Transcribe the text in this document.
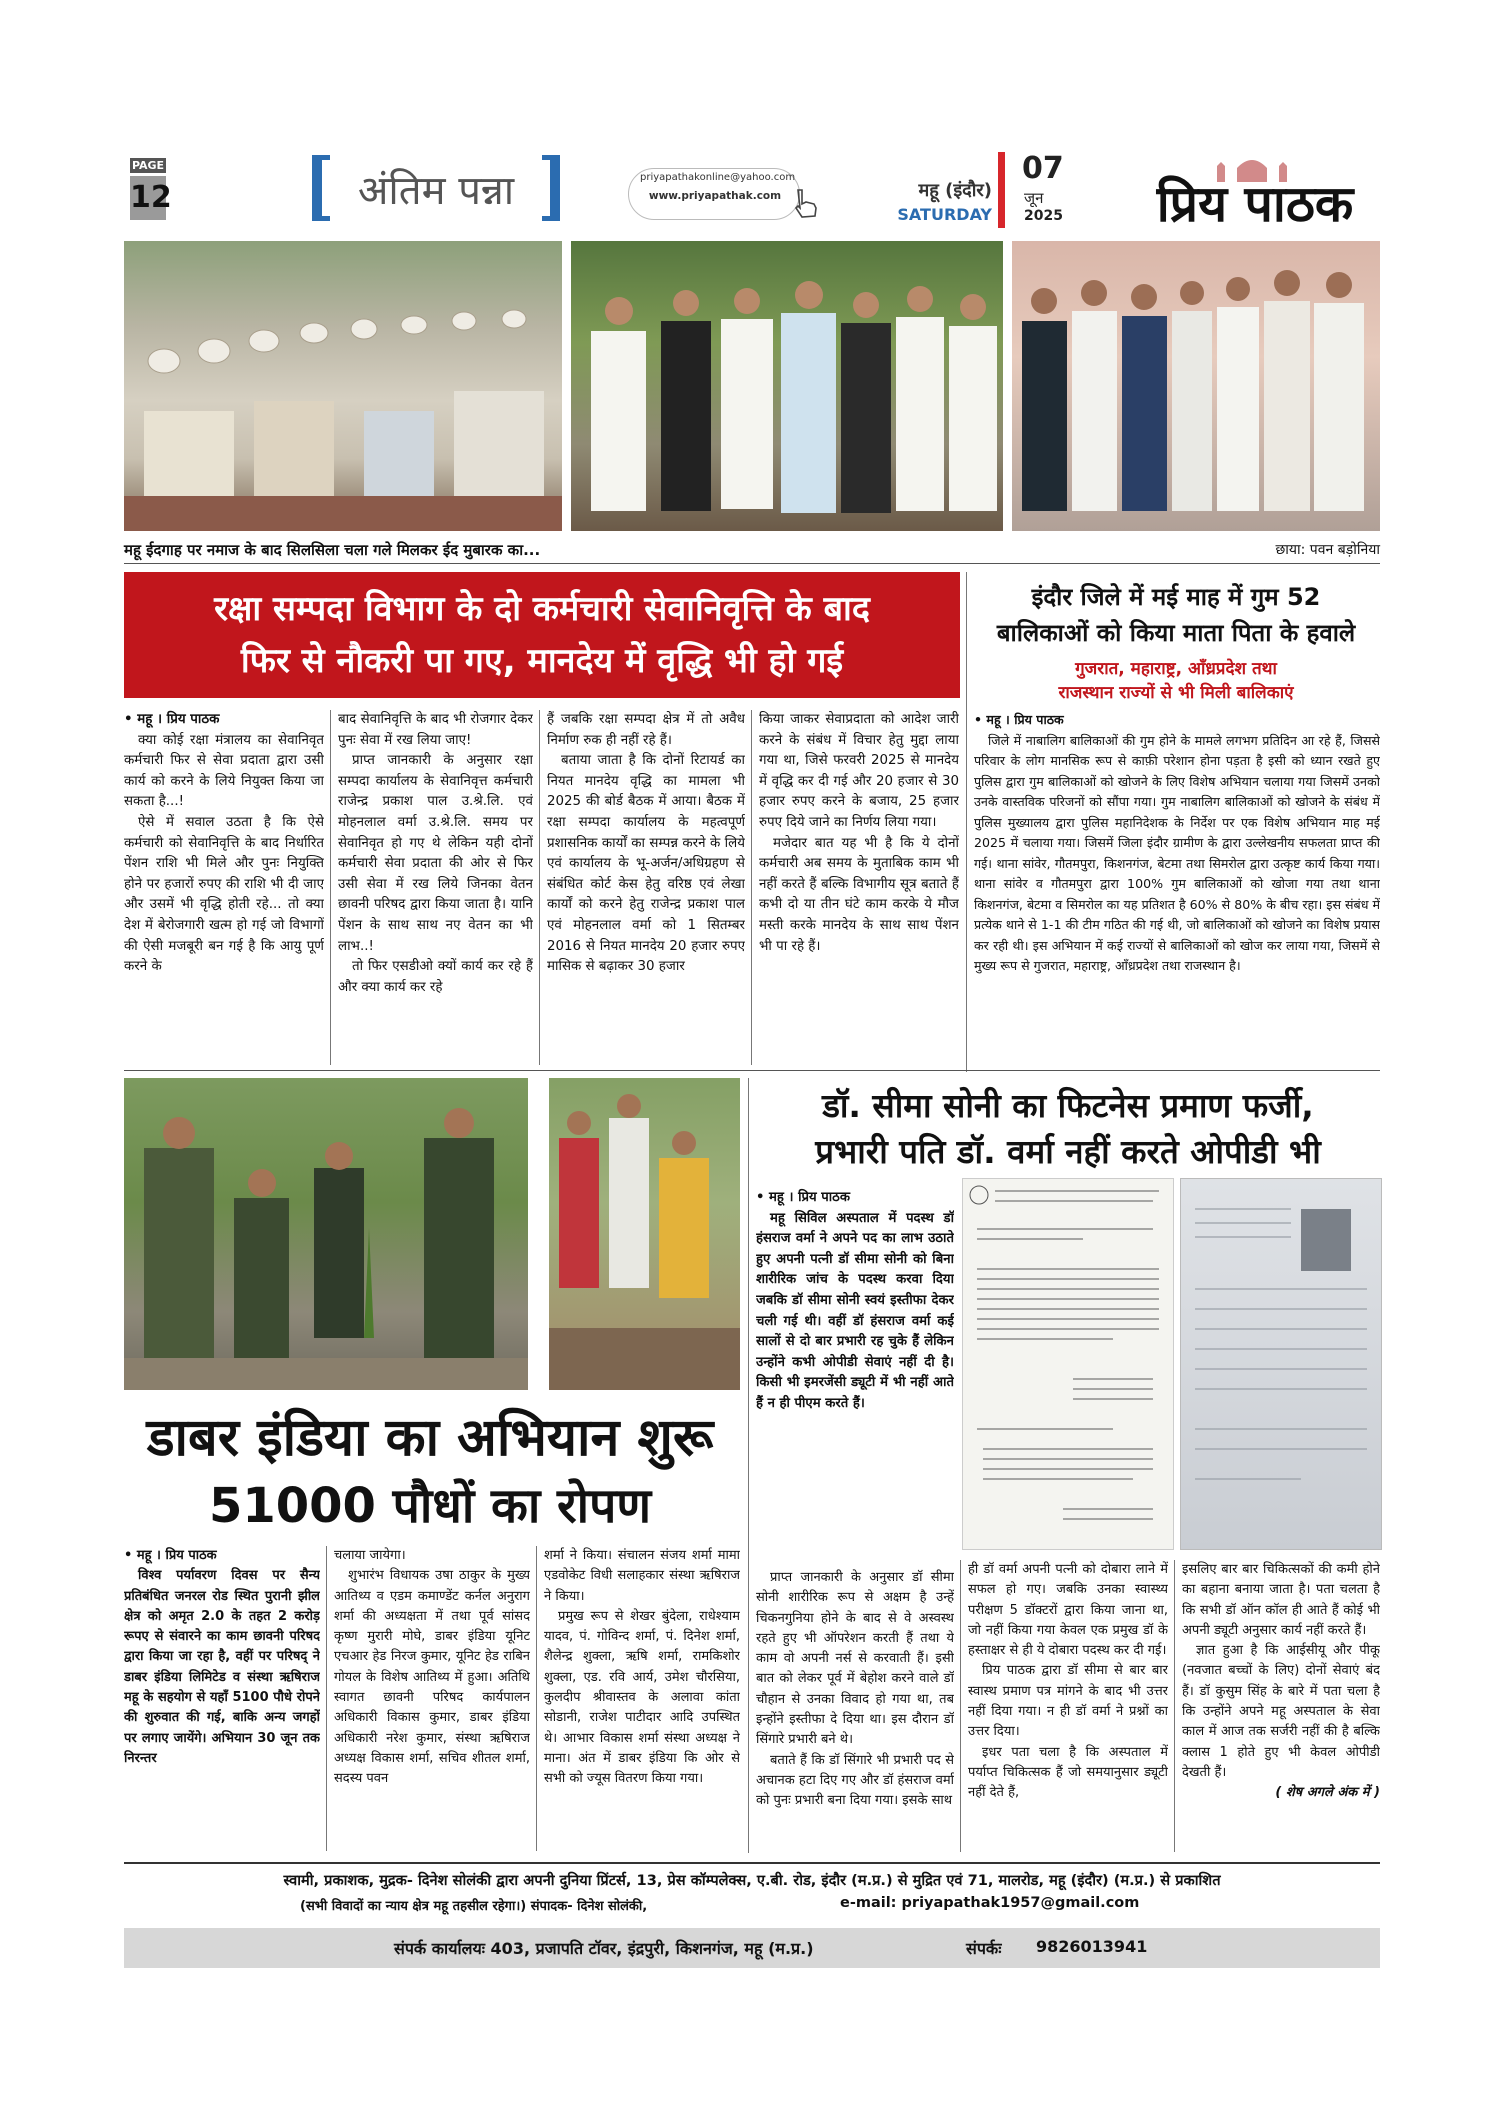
PAGE
12	अंतिम पन्ना	priyapathakonline@yahoo.com
www.priyapathak.com	महू (इंदौर)
SATURDAY
07
जून
2025	प्रिय पाठक
महू ईदगाह पर नमाज के बाद सिलसिला चला गले मिलकर ईद मुबारक का...	छाया: पवन बड़ोनिया
रक्षा सम्पदा विभाग के दो कर्मचारी सेवानिवृत्ति के बाद
फिर से नौकरी पा गए, मानदेय में वृद्धि भी हो गई

• महू । प्रिय पाठक

क्या कोई रक्षा मंत्रालय का सेवानिवृत कर्मचारी फिर से सेवा प्रदाता द्वारा उसी कार्य को करने के लिये नियुक्त किया जा सकता है...!

ऐसे में सवाल उठता है कि ऐसे कर्मचारी को सेवानिवृत्ति के बाद निर्धारित पेंशन राशि भी मिले और पुनः नियुक्ति होने पर हजारों रुपए की राशि भी दी जाए और उसमें भी वृद्धि होती रहे... तो क्या देश में बेरोजगारी खत्म हो गई जो विभागों की ऐसी मजबूरी बन गई है कि आयु पूर्ण करने के

बाद सेवानिवृत्ति के बाद भी रोजगार देकर पुनः सेवा में रख लिया जाए!

प्राप्त जानकारी के अनुसार रक्षा सम्पदा कार्यालय के सेवानिवृत्त कर्मचारी राजेन्द्र प्रकाश पाल उ.श्रे.लि. एवं मोहनलाल वर्मा उ.श्रे.लि. समय पर सेवानिवृत हो गए थे लेकिन यही दोनों कर्मचारी सेवा प्रदाता की ओर से फिर उसी सेवा में रख लिये जिनका वेतन छावनी परिषद द्वारा किया जाता है। यानि पेंशन के साथ साथ नए वेतन का भी लाभ..!

तो फिर एसडीओ क्यों कार्य कर रहे हैं और क्या कार्य कर रहे

हैं जबकि रक्षा सम्पदा क्षेत्र में तो अवैध निर्माण रुक ही नहीं रहे हैं।

बताया जाता है कि दोनों रिटायर्ड का नियत मानदेय वृद्धि का मामला भी 2025 की बोर्ड बैठक में आया। बैठक में रक्षा सम्पदा कार्यालय के महत्वपूर्ण प्रशासनिक कार्यों का सम्पन्न करने के लिये एवं कार्यालय के भू-अर्जन/अधिग्रहण से संबंधित कोर्ट केस हेतु वरिष्ठ एवं लेखा कार्यों को करने हेतु राजेन्द्र प्रकाश पाल एवं मोहनलाल वर्मा को 1 सितम्बर 2016 से नियत मानदेय 20 हजार रुपए मासिक से बढ़ाकर 30 हजार

किया जाकर सेवाप्रदाता को आदेश जारी करने के संबंध में विचार हेतु मुद्दा लाया गया था, जिसे फरवरी 2025 से मानदेय में वृद्धि कर दी गई और 20 हजार से 30 हजार रुपए करने के बजाय, 25 हजार रुपए दिये जाने का निर्णय लिया गया।

मजेदार बात यह भी है कि ये दोनों कर्मचारी अब समय के मुताबिक काम भी नहीं करते हैं बल्कि विभागीय सूत्र बताते हैं कभी दो या तीन घंटे काम करके ये मौज मस्ती करके मानदेय के साथ साथ पेंशन भी पा रहे हैं।

इंदौर जिले में मई माह में गुम 52
बालिकाओं को किया माता पिता के हवाले
गुजरात, महाराष्ट्र, आँध्रप्रदेश तथा
राजस्थान राज्यों से भी मिली बालिकाएं

• महू । प्रिय पाठक

जिले में नाबालिग बालिकाओं की गुम होने के मामले लगभग प्रतिदिन आ रहे हैं, जिससे परिवार के लोग मानसिक रूप से काफ़ी परेशान होना पड़ता है इसी को ध्यान रखते हुए पुलिस द्वारा गुम बालिकाओं को खोजने के लिए विशेष अभियान चलाया गया जिसमें उनको उनके वास्तविक परिजनों को सौंपा गया। गुम नाबालिग बालिकाओं को खोजने के संबंध में पुलिस मुख्यालय द्वारा पुलिस महानिदेशक के निर्देश पर एक विशेष अभियान माह मई 2025 में चलाया गया। जिसमें जिला इंदौर ग्रामीण के द्वारा उल्लेखनीय सफलता प्राप्त की गई। थाना सांवेर, गौतमपुरा, किशनगंज, बेटमा तथा सिमरोल द्वारा उत्कृष्ट कार्य किया गया। थाना सांवेर व गौतमपुरा द्वारा 100% गुम बालिकाओं को खोजा गया तथा थाना किशनगंज, बेटमा व सिमरोल का यह प्रतिशत है 60% से 80% के बीच रहा। इस संबंध में प्रत्येक थाने से 1-1 की टीम गठित की गई थी, जो बालिकाओं को खोजने का विशेष प्रयास कर रही थी। इस अभियान में कई राज्यों से बालिकाओं को खोज कर लाया गया, जिसमें से मुख्य रूप से गुजरात, महाराष्ट्र, आँध्रप्रदेश तथा राजस्थान है।

डाबर इंडिया का अभियान शुरू
51000 पौधों का रोपण

• महू । प्रिय पाठक

विश्व पर्यावरण दिवस पर सैन्य प्रतिबंधित जनरल रोड स्थित पुरानी झील क्षेत्र को अमृत 2.0 के तहत 2 करोड़ रूपए से संवारने का काम छावनी परिषद द्वारा किया जा रहा है, वहीं पर परिषद् ने डाबर इंडिया लिमिटेड व संस्था ऋषिराज महू के सहयोग से यहाँ 5100 पौधे रोपने की शुरुवात की गई, बाकि अन्य जगहों पर लगाए जायेंगे। अभियान 30 जून तक निरन्तर

चलाया जायेगा।

शुभारंभ विधायक उषा ठाकुर के मुख्य आतिथ्य व एडम कमाण्डेंट कर्नल अनुराग शर्मा की अध्यक्षता में तथा पूर्व सांसद कृष्ण मुरारी मोघे, डाबर इंडिया यूनिट एचआर हेड निरज कुमार, यूनिट हेड राबिन गोयल के विशेष आतिथ्य में हुआ। अतिथि स्वागत छावनी परिषद कार्यपालन अधिकारी विकास कुमार, डाबर इंडिया अधिकारी नरेश कुमार, संस्था ऋषिराज अध्यक्ष विकास शर्मा, सचिव शीतल शर्मा, सदस्य पवन

शर्मा ने किया। संचालन संजय शर्मा मामा एडवोकेट विधी सलाहकार संस्था ऋषिराज ने किया।

प्रमुख रूप से शेखर बुंदेला, राधेश्याम यादव, पं. गोविन्द शर्मा, पं. दिनेश शर्मा, शैलेन्द्र शुक्ला, ऋषि शर्मा, रामकिशोर शुक्ला, एड. रवि आर्य, उमेश चौरसिया, कुलदीप श्रीवास्तव के अलावा कांता सोडानी, राजेश पाटीदार आदि उपस्थित थे। आभार विकास शर्मा संस्था अध्यक्ष ने माना। अंत में डाबर इंडिया कि ओर से सभी को ज्यूस वितरण किया गया।

डॉ. सीमा सोनी का फिटनेस प्रमाण फर्जी,
प्रभारी पति डॉ. वर्मा नहीं करते ओपीडी भी

• महू । प्रिय पाठक

महू सिविल अस्पताल में पदस्थ डॉ हंसराज वर्मा ने अपने पद का लाभ उठाते हुए अपनी पत्नी डॉ सीमा सोनी को बिना शारीरिक जांच के पदस्थ करवा दिया जबकि डॉ सीमा सोनी स्वयं इस्तीफा देकर चली गई थी। वहीं डॉ हंसराज वर्मा कई सालों से दो बार प्रभारी रह चुके हैं लेकिन उन्होंने कभी ओपीडी सेवाएं नहीं दी है। किसी भी इमरजेंसी ड्यूटी में भी नहीं आते हैं न ही पीएम करते हैं।

प्राप्त जानकारी के अनुसार डॉ सीमा सोनी शारीरिक रूप से अक्षम है उन्हें चिकनगुनिया होने के बाद से वे अस्वस्थ रहते हुए भी ऑपरेशन करती हैं तथा ये काम वो अपनी नर्स से करवाती हैं। इसी बात को लेकर पूर्व में बेहोश करने वाले डॉ चौहान से उनका विवाद हो गया था, तब इन्होंने इस्तीफा दे दिया था। इस दौरान डॉ सिंगारे प्रभारी बने थे।

बताते हैं कि डॉ सिंगारे भी प्रभारी पद से अचानक हटा दिए गए और डॉ हंसराज वर्मा को पुनः प्रभारी बना दिया गया। इसके साथ

ही डॉ वर्मा अपनी पत्नी को दोबारा लाने में सफल हो गए। जबकि उनका स्वास्थ्य परीक्षण 5 डॉक्टरों द्वारा किया जाना था, जो नहीं किया गया केवल एक प्रमुख डॉ के हस्ताक्षर से ही ये दोबारा पदस्थ कर दी गई।

प्रिय पाठक द्वारा डॉ सीमा से बार बार स्वास्थ प्रमाण पत्र मांगने के बाद भी उत्तर नहीं दिया गया। न ही डॉ वर्मा ने प्रश्नों का उत्तर दिया।

इधर पता चला है कि अस्पताल में पर्याप्त चिकित्सक हैं जो समयानुसार ड्यूटी नहीं देते हैं,

इसलिए बार बार चिकित्सकों की कमी होने का बहाना बनाया जाता है। पता चलता है कि सभी डॉ ऑन कॉल ही आते हैं कोई भी अपनी ड्यूटी अनुसार कार्य नहीं करते हैं।

ज्ञात हुआ है कि आईसीयू और पीकू (नवजात बच्चों के लिए) दोनों सेवाएं बंद हैं। डॉ कुसुम सिंह के बारे में पता चला है कि उन्होंने अपने महू अस्पताल के सेवा काल में आज तक सर्जरी नहीं की है बल्कि क्लास 1 होते हुए भी केवल ओपीडी देखती हैं।

( शेष अगले अंक में )

स्वामी, प्रकाशक, मुद्रक- दिनेश सोलंकी द्वारा अपनी दुनिया प्रिंटर्स, 13, प्रेस कॉम्पलेक्स, ए.बी. रोड, इंदौर (म.प्र.) से मुद्रित एवं 71, मालरोड, महू (इंदौर) (म.प्र.) से प्रकाशित
(सभी विवादों का न्याय क्षेत्र महू तहसील रहेगा।) संपादक- दिनेश सोलंकी,	e-mail: priyapathak1957@gmail.com
संपर्क कार्यालयः 403, प्रजापति टॉवर, इंद्रपुरी, किशनगंज, महू (म.प्र.)	संपर्कः 9826013941
